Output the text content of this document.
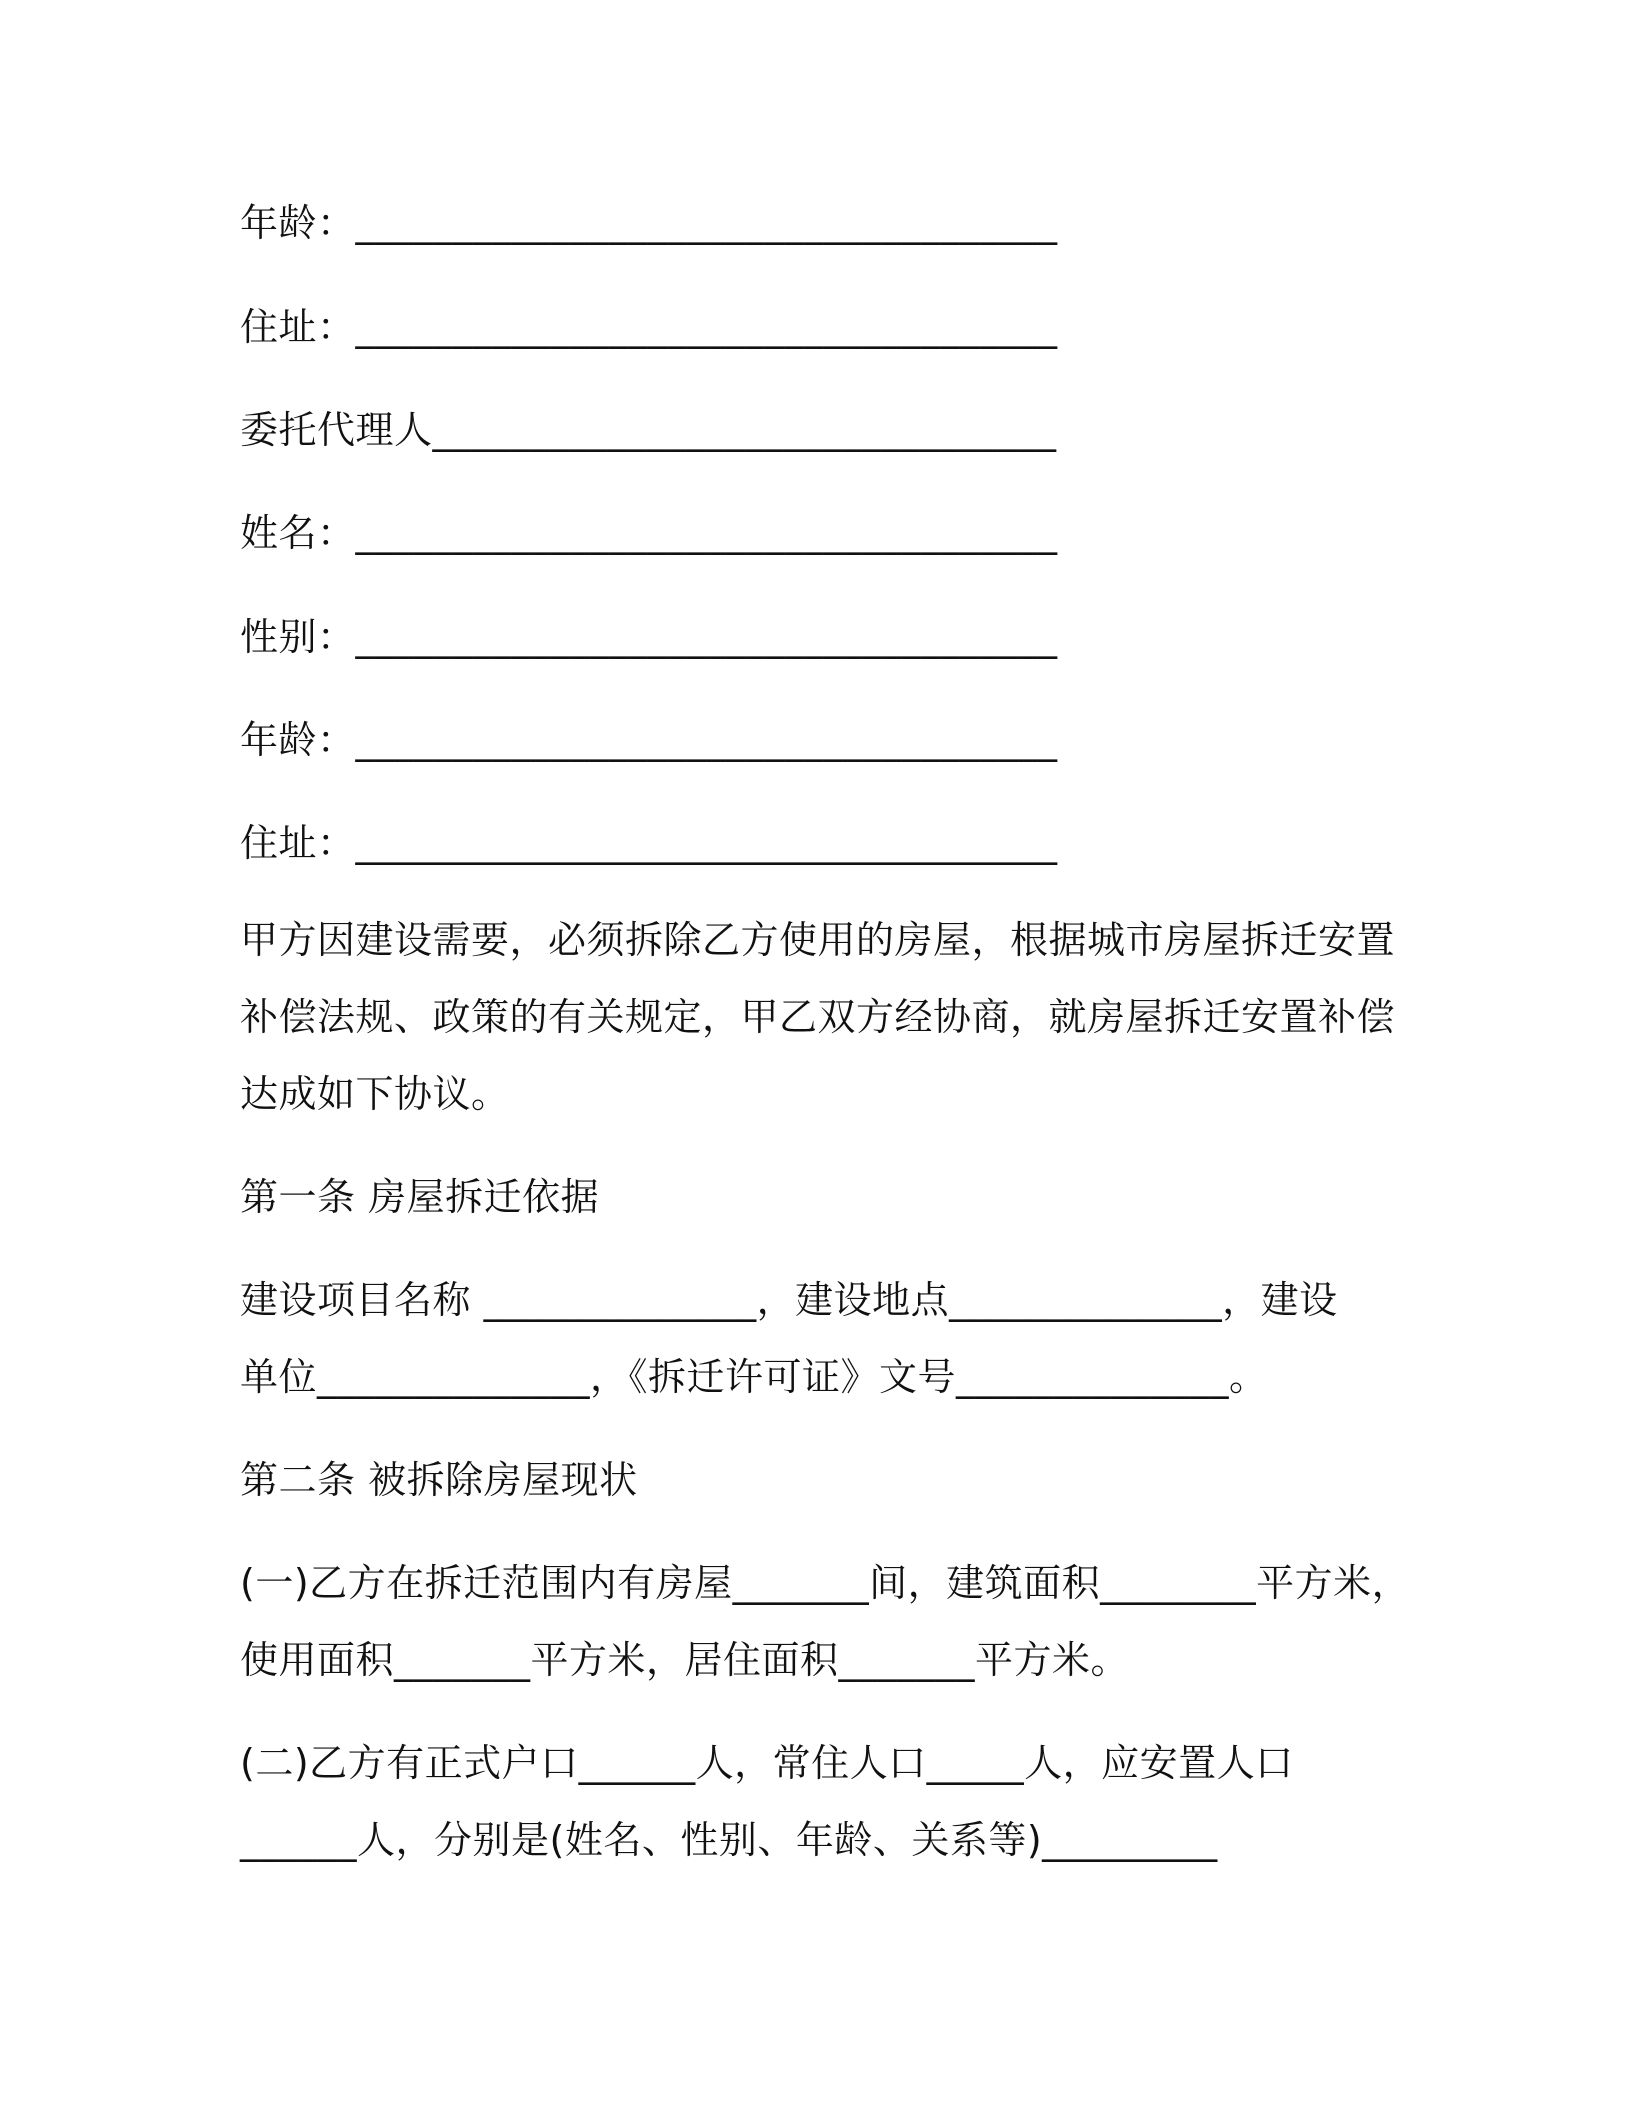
年龄：____________________________________
住址：____________________________________
委托代理人________________________________
姓名：____________________________________
性别：____________________________________
年龄：____________________________________
住址：____________________________________
甲方因建设需要，必须拆除乙方使用的房屋，根据城市房屋拆迁安置
补偿法规、政策的有关规定，甲乙双方经协商，就房屋拆迁安置补偿
达成如下协议。
第一条 房屋拆迁依据
建设项目名称 ______________，建设地点______________，建设
单位______________，《拆迁许可证》文号______________。
第二条 被拆除房屋现状
(一)乙方在拆迁范围内有房屋_______间，建筑面积________平方米，
使用面积_______平方米，居住面积_______平方米。
(二)乙方有正式户口______人，常住人口_____人，应安置人口
______人，分别是(姓名、性别、年龄、关系等)_________
